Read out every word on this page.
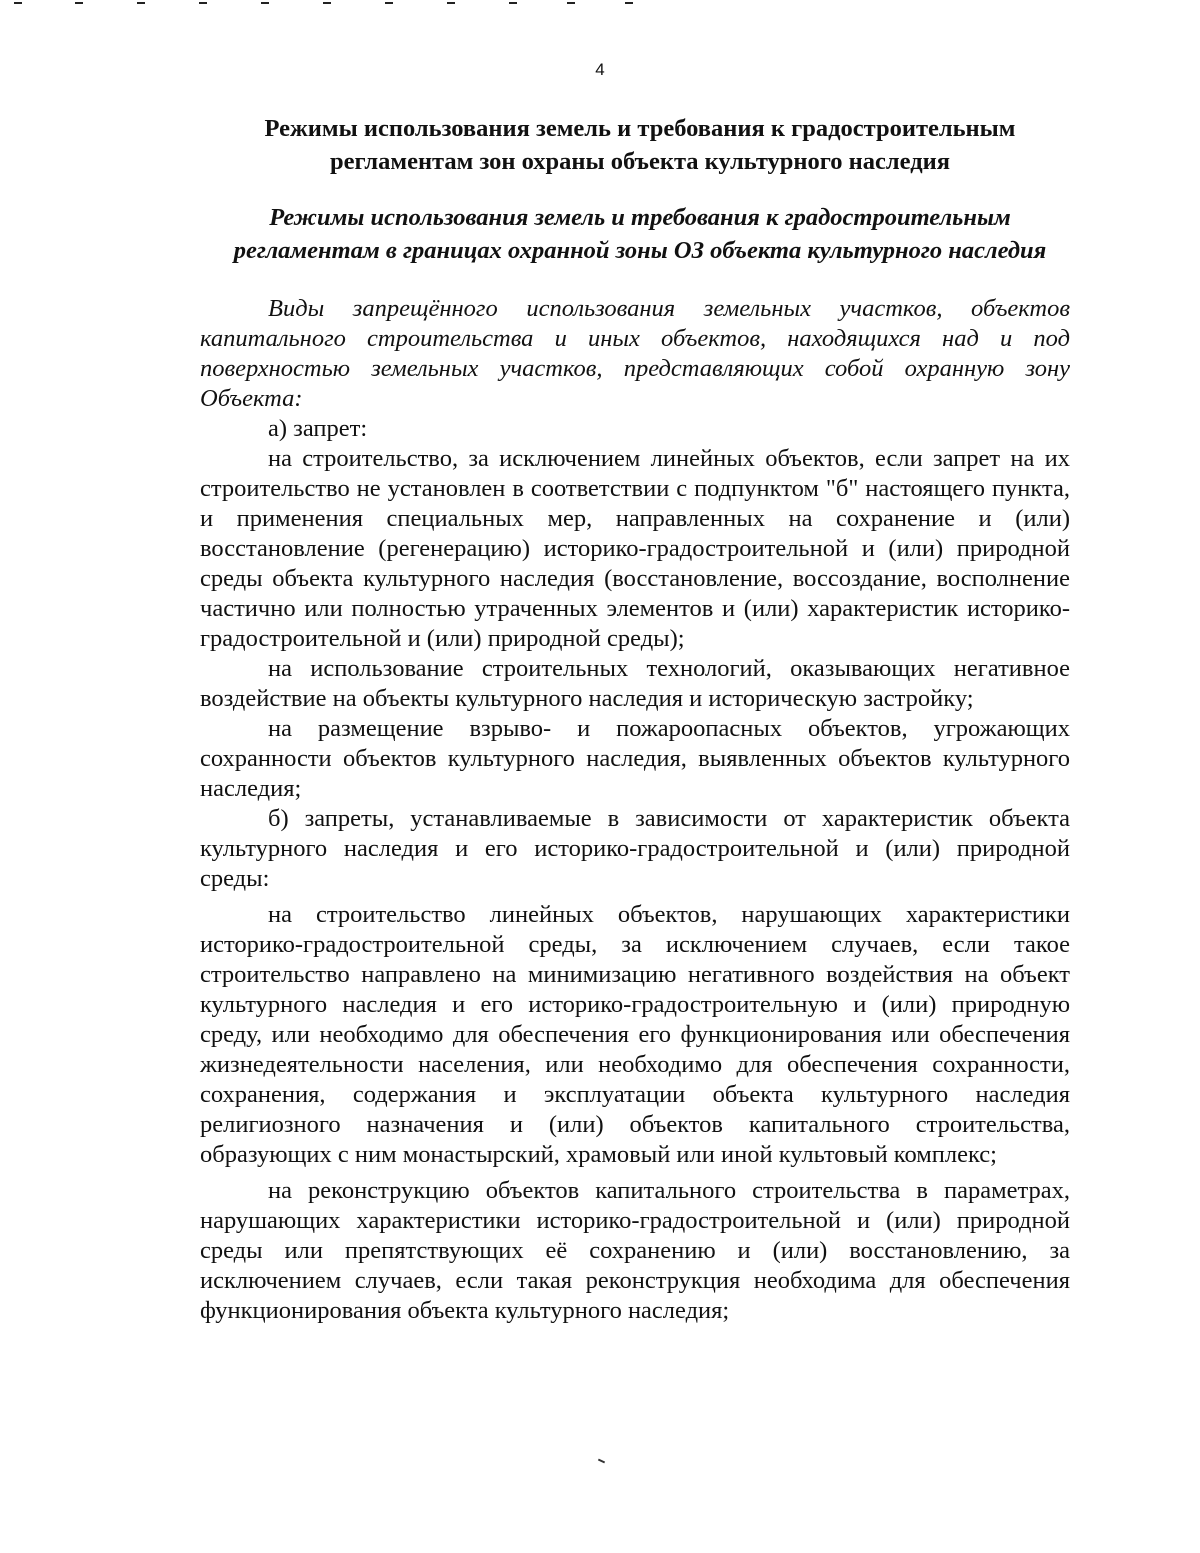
4
Режимы использования земель и требования к градостроительным регламентам зон охраны объекта культурного наследия
Режимы использования земель и требования к градостроительным регламентам в границах охранной зоны ОЗ объекта культурного наследия

Виды запрещённого использования земельных участков, объектов капитального строительства и иных объектов, находящихся над и под поверхностью земельных участков, представляющих собой охранную зону Объекта:

а) запрет:

на строительство, за исключением линейных объектов, если запрет на их строительство не установлен в соответствии с подпунктом "б" настоящего пункта, и применения специальных мер, направленных на сохранение и (или) восстановление (регенерацию) историко-градостроительной и (или) природной среды объекта культурного наследия (восстановление, воссоздание, восполнение частично или полностью утраченных элементов и (или) характеристик историко-градостроительной и (или) природной среды);

на использование строительных технологий, оказывающих негативное воздействие на объекты культурного наследия и историческую застройку;

на размещение взрыво- и пожароопасных объектов, угрожающих сохранности объектов культурного наследия, выявленных объектов культурного наследия;

б) запреты, устанавливаемые в зависимости от характеристик объекта культурного наследия и его историко-градостроительной и (или) природной среды:

на строительство линейных объектов, нарушающих характеристики историко-градостроительной среды, за исключением случаев, если такое строительство направлено на минимизацию негативного воздействия на объект культурного наследия и его историко-градостроительную и (или) природную среду, или необходимо для обеспечения его функционирования или обеспечения жизнедеятельности населения, или необходимо для обеспечения сохранности, сохранения, содержания и эксплуатации объекта культурного наследия религиозного назначения и (или) объектов капитального строительства, образующих с ним монастырский, храмовый или иной культовый комплекс;

на реконструкцию объектов капитального строительства в параметрах, нарушающих характеристики историко-градостроительной и (или) природной среды или препятствующих её сохранению и (или) восстановлению, за исключением случаев, если такая реконструкция необходима для обеспечения функционирования объекта культурного наследия;
